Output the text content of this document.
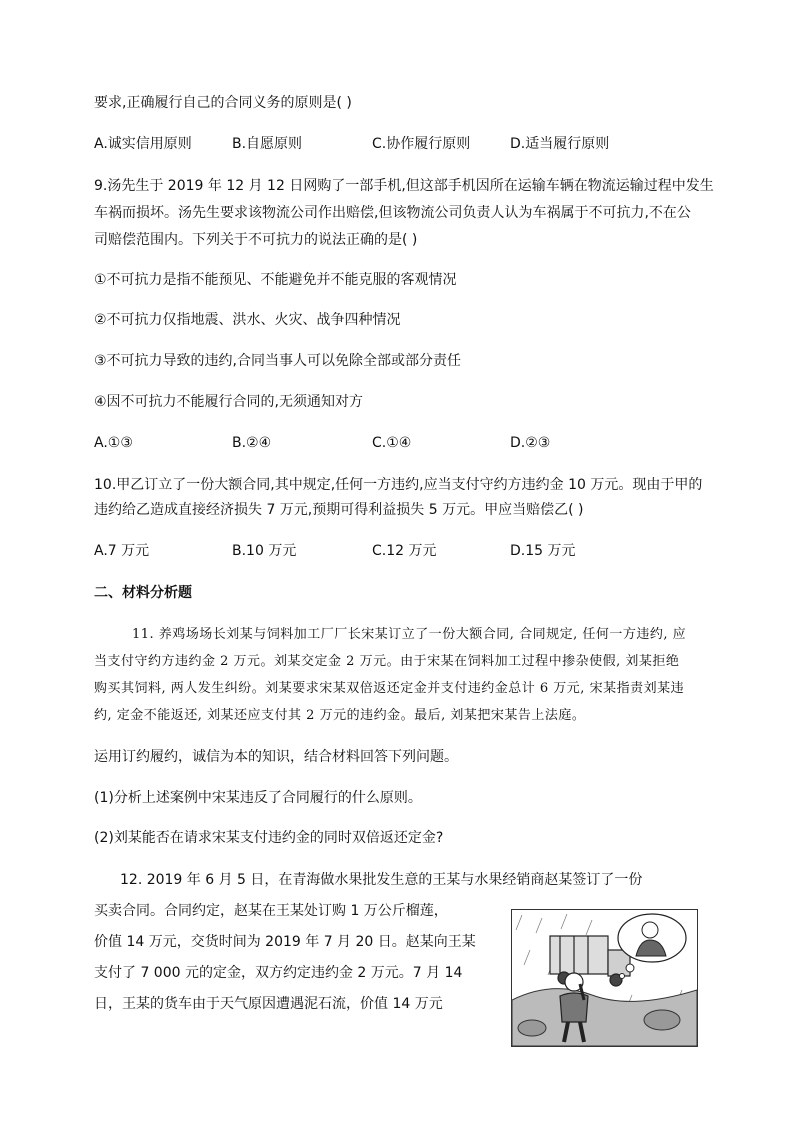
要求,正确履行自己的合同义务的原则是( )
A.诚实信用原则	B.自愿原则	C.协作履行原则	D.适当履行原则
9.汤先生于 2019 年 12 月 12 日网购了一部手机,但这部手机因所在运输车辆在物流运输过程中发生
车祸而损坏。汤先生要求该物流公司作出赔偿,但该物流公司负责人认为车祸属于不可抗力,不在公
司赔偿范围内。下列关于不可抗力的说法正确的是( )
①不可抗力是指不能预见、不能避免并不能克服的客观情况
②不可抗力仅指地震、洪水、火灾、战争四种情况
③不可抗力导致的违约,合同当事人可以免除全部或部分责任
④因不可抗力不能履行合同的,无须通知对方
A.①③	B.②④	C.①④	D.②③
10.甲乙订立了一份大额合同,其中规定,任何一方违约,应当支付守约方违约金 10 万元。现由于甲的
违约给乙造成直接经济损失 7 万元,预期可得利益损失 5 万元。甲应当赔偿乙( )
A.7 万元	B.10 万元	C.12 万元	D.15 万元
二、材料分析题
11. 养鸡场场长刘某与饲料加工厂厂长宋某订立了一份大额合同, 合同规定, 任何一方违约, 应
当支付守约方违约金 2 万元。刘某交定金 2 万元。由于宋某在饲料加工过程中掺杂使假, 刘某拒绝
购买其饲料, 两人发生纠纷。刘某要求宋某双倍返还定金并支付违约金总计 6 万元, 宋某指责刘某违
约, 定金不能返还, 刘某还应支付其 2 万元的违约金。最后, 刘某把宋某告上法庭。
运用订约履约，诚信为本的知识，结合材料回答下列问题。
(1)分析上述案例中宋某违反了合同履行的什么原则。
(2)刘某能否在请求宋某支付违约金的同时双倍返还定金?
12. 2019 年 6 月 5 日，在青海做水果批发生意的王某与水果经销商赵某签订了一份
买卖合同。合同约定，赵某在王某处订购 1 万公斤榴莲，
价值 14 万元，交货时间为 2019 年 7 月 20 日。赵某向王某
支付了 7 000 元的定金，双方约定违约金 2 万元。7 月 14
日，王某的货车由于天气原因遭遇泥石流，价值 14 万元
